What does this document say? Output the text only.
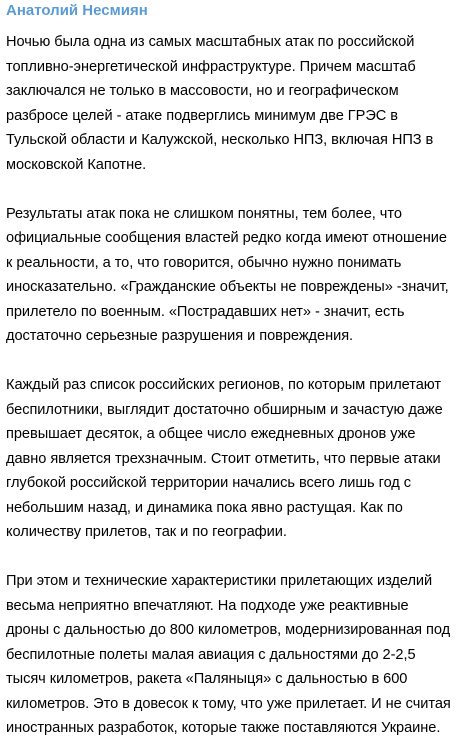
Анатолий Несмиян

Ночью была одна из самых масштабных атак по российской топливно-энергетической инфраструктуре. Причем масштаб заключался не только в массовости, но и географическом разбросе целей - атаке подверглись минимум две ГРЭС в Тульской области и Калужской, несколько НПЗ, включая НПЗ в московской Капотне.

Результаты атак пока не слишком понятны, тем более, что официальные сообщения властей редко когда имеют отношение к реальности, а то, что говорится, обычно нужно понимать иносказательно. «Гражданские объекты не повреждены» -значит, прилетело по военным. «Пострадавших нет» - значит, есть достаточно серьезные разрушения и повреждения.

Каждый раз список российских регионов, по которым прилетают беспилотники, выглядит достаточно обширным и зачастую даже превышает десяток, а общее число ежедневных дронов уже давно является трехзначным. Стоит отметить, что первые атаки глубокой российской территории начались всего лишь год с небольшим назад, и динамика пока явно растущая. Как по количеству прилетов, так и по географии.

При этом и технические характеристики прилетающих изделий весьма неприятно впечатляют. На подходе уже реактивные дроны с дальностью до 800 километров, модернизированная под беспилотные полеты малая авиация с дальностями до 2-2,5 тысяч километров, ракета «Паляныця» с дальностью в 600 километров. Это в довесок к тому, что уже прилетает. И не считая иностранных разработок, которые также поставляются Украине.
